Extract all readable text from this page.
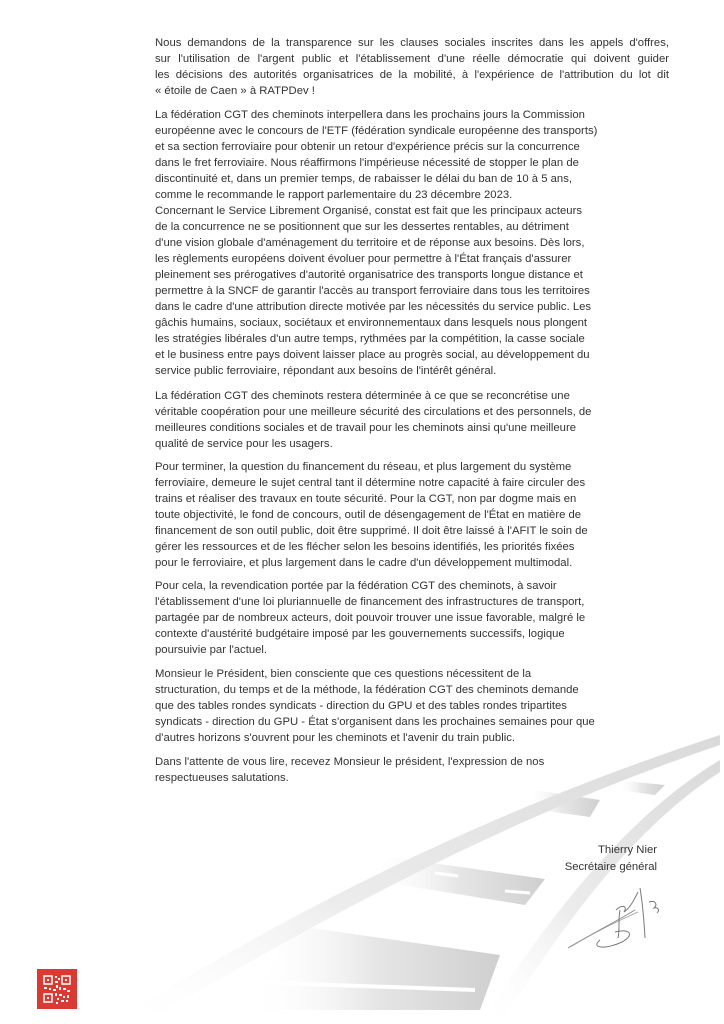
Nous demandons de la transparence sur les clauses sociales inscrites dans les appels d'offres,
sur l'utilisation de l'argent public et l'établissement d'une réelle démocratie qui doivent guider
les décisions des autorités organisatrices de la mobilité, à l'expérience de l'attribution du lot dit
« étoile de Caen » à RATPDev !

La fédération CGT des cheminots interpellera dans les prochains jours la Commission
européenne avec le concours de l'ETF (fédération syndicale européenne des transports)
et sa section ferroviaire pour obtenir un retour d'expérience précis sur la concurrence
dans le fret ferroviaire. Nous réaffirmons l'impérieuse nécessité de stopper le plan de
discontinuité et, dans un premier temps, de rabaisser le délai du ban de 10 à 5 ans,
comme le recommande le rapport parlementaire du 23 décembre 2023.

Concernant le Service Librement Organisé, constat est fait que les principaux acteurs
de la concurrence ne se positionnent que sur les dessertes rentables, au détriment
d'une vision globale d'aménagement du territoire et de réponse aux besoins. Dès lors,
les règlements européens doivent évoluer pour permettre à l'État français d'assurer
pleinement ses prérogatives d'autorité organisatrice des transports longue distance et
permettre à la SNCF de garantir l'accès au transport ferroviaire dans tous les territoires
dans le cadre d'une attribution directe motivée par les nécessités du service public. Les
gâchis humains, sociaux, sociétaux et environnementaux dans lesquels nous plongent
les stratégies libérales d'un autre temps, rythmées par la compétition, la casse sociale
et le business entre pays doivent laisser place au progrès social, au développement du
service public ferroviaire, répondant aux besoins de l'intérêt général.

La fédération CGT des cheminots restera déterminée à ce que se reconcrétise une
véritable coopération pour une meilleure sécurité des circulations et des personnels, de
meilleures conditions sociales et de travail pour les cheminots ainsi qu'une meilleure
qualité de service pour les usagers.

Pour terminer, la question du financement du réseau, et plus largement du système
ferroviaire, demeure le sujet central tant il détermine notre capacité à faire circuler des
trains et réaliser des travaux en toute sécurité. Pour la CGT, non par dogme mais en
toute objectivité, le fond de concours, outil de désengagement de l'État en matière de
financement de son outil public, doit être supprimé. Il doit être laissé à l'AFIT le soin de
gérer les ressources et de les flécher selon les besoins identifiés, les priorités fixées
pour le ferroviaire, et plus largement dans le cadre d'un développement multimodal.

Pour cela, la revendication portée par la fédération CGT des cheminots, à savoir
l'établissement d'une loi pluriannuelle de financement des infrastructures de transport,
partagée par de nombreux acteurs, doit pouvoir trouver une issue favorable, malgré le
contexte d'austérité budgétaire imposé par les gouvernements successifs, logique
poursuivie par l'actuel.

Monsieur le Président, bien consciente que ces questions nécessitent de la
structuration, du temps et de la méthode, la fédération CGT des cheminots demande
que des tables rondes syndicats - direction du GPU et des tables rondes tripartites
syndicats - direction du GPU - État s'organisent dans les prochaines semaines pour que
d'autres horizons s'ouvrent pour les cheminots et l'avenir du train public.

Dans l'attente de vous lire, recevez Monsieur le président, l'expression de nos
respectueuses salutations.

Thierry Nier
Secrétaire général
